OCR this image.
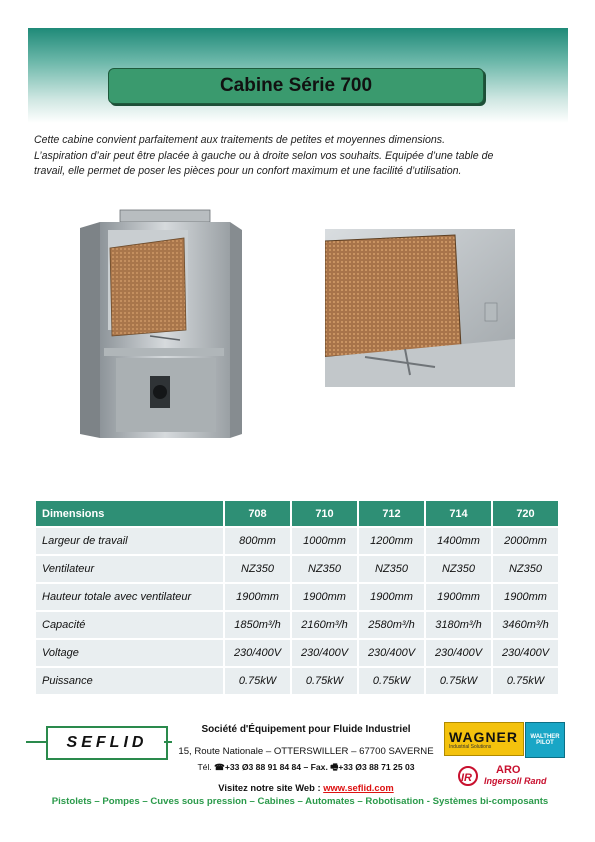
Cabine Série 700

Cette cabine convient parfaitement aux traitements de petites et moyennes dimensions.

L’aspiration d’air peut être placée à gauche ou à droite selon vos souhaits. Equipée d’une table de

travail, elle permet de poser les pièces pour un confort maximum et une facilité d’utilisation.

Dimensions	708	710	712	714	720
Largeur de travail	800mm	1000mm	1200mm	1400mm	2000mm
Ventilateur	NZ350	NZ350	NZ350	NZ350	NZ350
Hauteur totale avec ventilateur	1900mm	1900mm	1900mm	1900mm	1900mm
Capacité	1850m³/h	2160m³/h	2580m³/h	3180m³/h	3460m³/h
Voltage	230/400V	230/400V	230/400V	230/400V	230/400V
Puissance	0.75kW	0.75kW	0.75kW	0.75kW	0.75kW
SEFLID
Société d'Équipement pour Fluide Industriel
15, Route Nationale – OTTERSWILLER – 67700 SAVERNE
Tél. ☎+33 Ø3 88 91 84 84 – Fax. 🖷+33 Ø3 88 71 25 03
Visitez notre site Web : www.seflid.com
WAGNER
Industrial Solutions
WALTHER
PILOT
IR
ARO
Ingersoll Rand
Pistolets – Pompes – Cuves sous pression – Cabines – Automates – Robotisation - Systèmes bi-composants
